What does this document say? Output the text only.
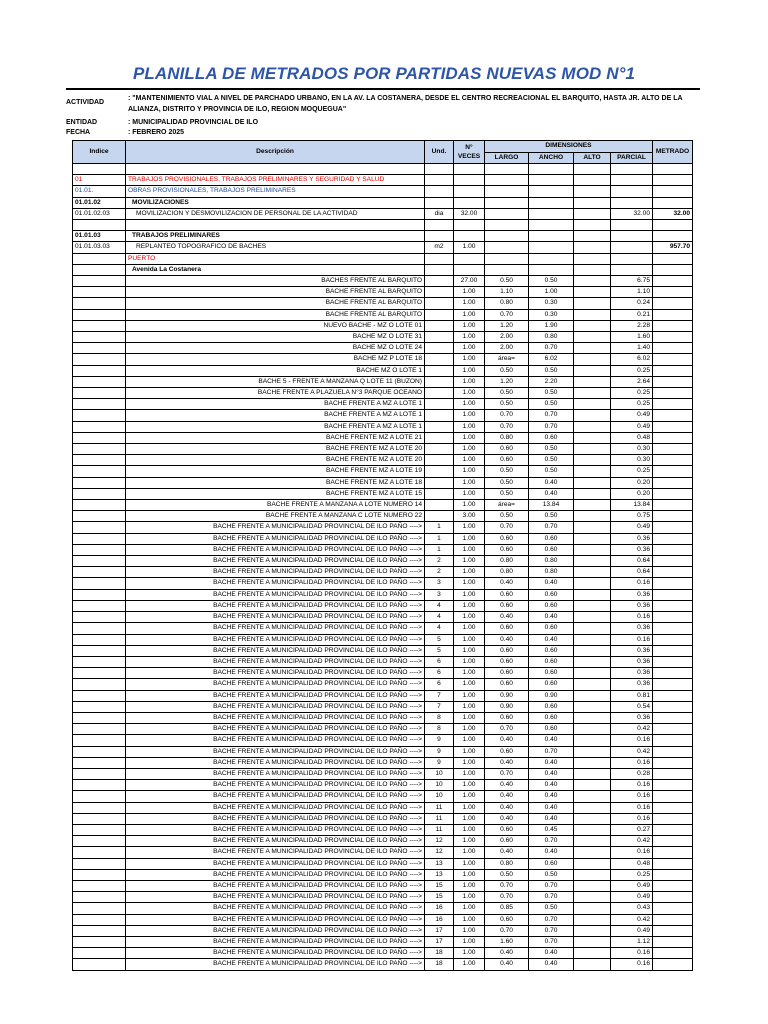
PLANILLA DE METRADOS POR PARTIDAS NUEVAS MOD N°1
ACTIVIDAD
: "MANTENIMIENTO VIAL A NIVEL DE PARCHADO URBANO, EN LA AV. LA COSTANERA, DESDE EL CENTRO RECREACIONAL EL BARQUITO, HASTA JR. ALTO DE LA
ALIANZA, DISTRITO Y PROVINCIA DE ILO, REGION MOQUEGUA"
ENTIDAD	: MUNICIPALIDAD PROVINCIAL DE ILO
FECHA	: FEBRERO 2025
Indice	Descripción	Und.	N° VECES	DIMENSIONES				METRADO
				LARGO	ANCHO	ALTO	PARCIAL	

01	TRABAJOS PROVISIONALES, TRABAJOS PRELIMINARES Y SEGURIDAD Y SALUD							
01.01.	OBRAS PROVISIONALES, TRABAJOS PRELIMINARES							
01.01.02	MOVILIZACIONES							
01.01.02.03	MOVILIZACION Y DESMOVILIZACION DE PERSONAL DE LA ACTIVIDAD	dia	32.00				32.00	32.00

01.01.03	TRABAJOS PRELIMINARES							
01.01.03.03	REPLANTEO TOPOGRAFICO DE BACHES	m2	1.00					957.70
	PUERTO							
	Avenida La Costanera							
	BACHES FRENTE AL BARQUITO		27.00	0.50	0.50		6.75	
	BACHE FRENTE AL BARQUITO		1.00	1.10	1.00		1.10	
	BACHE FRENTE AL BARQUITO		1.00	0.80	0.30		0.24	
	BACHE FRENTE AL BARQUITO		1.00	0.70	0.30		0.21	
	NUEVO BACHE - MZ O LOTE 01		1.00	1.20	1.90		2.28	
	BACHE MZ O LOTE 31		1.00	2.00	0.80		1.60	
	BACHE MZ O LOTE 24		1.00	2.00	0.70		1.40	
	BACHE MZ P LOTE 18		1.00	área=	6.02		6.02	
	BACHE MZ O LOTE 1		1.00	0.50	0.50		0.25	
	BACHE 5 - FRENTE A MANZANA Q LOTE 11 (BUZON)		1.00	1.20	2.20		2.64	
	BACHE FRENTE A PLAZUELA N°3 PARQUE OCEANO		1.00	0.50	0.50		0.25	
	BACHE FRENTE A MZ A LOTE 1		1.00	0.50	0.50		0.25	
	BACHE FRENTE A MZ A LOTE 1		1.00	0.70	0.70		0.49	
	BACHE FRENTE A MZ A LOTE 1		1.00	0.70	0.70		0.49	
	BACHE FRENTE MZ A LOTE 21		1.00	0.80	0.60		0.48	
	BACHE FRENTE MZ A LOTE 20		1.00	0.60	0.50		0.30	
	BACHE FRENTE MZ A LOTE 20		1.00	0.60	0.50		0.30	
	BACHE FRENTE MZ A LOTE 19		1.00	0.50	0.50		0.25	
	BACHE FRENTE MZ A LOTE 18		1.00	0.50	0.40		0.20	
	BACHE FRENTE MZ A LOTE 15		1.00	0.50	0.40		0.20	
	BACHE FRENTE A MANZANA A LOTE NUMERO 14		1.00	área=	13.84		13.84	
	BACHE FRENTE A MANZANA C LOTE NUMERO 22		3.00	0.50	0.50		0.75	
	BACHE FRENTE A MUNICIPALIDAD PROVINCIAL DE ILO PAÑO ---->	1	1.00	0.70	0.70		0.49	
	BACHE FRENTE A MUNICIPALIDAD PROVINCIAL DE ILO PAÑO ---->	1	1.00	0.60	0.60		0.36	
	BACHE FRENTE A MUNICIPALIDAD PROVINCIAL DE ILO PAÑO ---->	1	1.00	0.60	0.60		0.36	
	BACHE FRENTE A MUNICIPALIDAD PROVINCIAL DE ILO PAÑO ---->	2	1.00	0.80	0.80		0.64	
	BACHE FRENTE A MUNICIPALIDAD PROVINCIAL DE ILO PAÑO ---->	2	1.00	0.80	0.80		0.64	
	BACHE FRENTE A MUNICIPALIDAD PROVINCIAL DE ILO PAÑO ---->	3	1.00	0.40	0.40		0.16	
	BACHE FRENTE A MUNICIPALIDAD PROVINCIAL DE ILO PAÑO ---->	3	1.00	0.60	0.60		0.36	
	BACHE FRENTE A MUNICIPALIDAD PROVINCIAL DE ILO PAÑO ---->	4	1.00	0.60	0.60		0.36	
	BACHE FRENTE A MUNICIPALIDAD PROVINCIAL DE ILO PAÑO ---->	4	1.00	0.40	0.40		0.16	
	BACHE FRENTE A MUNICIPALIDAD PROVINCIAL DE ILO PAÑO ---->	4	1.00	0.60	0.60		0.36	
	BACHE FRENTE A MUNICIPALIDAD PROVINCIAL DE ILO PAÑO ---->	5	1.00	0.40	0.40		0.16	
	BACHE FRENTE A MUNICIPALIDAD PROVINCIAL DE ILO PAÑO ---->	5	1.00	0.60	0.60		0.36	
	BACHE FRENTE A MUNICIPALIDAD PROVINCIAL DE ILO PAÑO ---->	6	1.00	0.60	0.60		0.36	
	BACHE FRENTE A MUNICIPALIDAD PROVINCIAL DE ILO PAÑO ---->	6	1.00	0.60	0.60		0.36	
	BACHE FRENTE A MUNICIPALIDAD PROVINCIAL DE ILO PAÑO ---->	6	1.00	0.60	0.60		0.36	
	BACHE FRENTE A MUNICIPALIDAD PROVINCIAL DE ILO PAÑO ---->	7	1.00	0.90	0.90		0.81	
	BACHE FRENTE A MUNICIPALIDAD PROVINCIAL DE ILO PAÑO ---->	7	1.00	0.90	0.60		0.54	
	BACHE FRENTE A MUNICIPALIDAD PROVINCIAL DE ILO PAÑO ---->	8	1.00	0.60	0.60		0.36	
	BACHE FRENTE A MUNICIPALIDAD PROVINCIAL DE ILO PAÑO ---->	8	1.00	0.70	0.60		0.42	
	BACHE FRENTE A MUNICIPALIDAD PROVINCIAL DE ILO PAÑO ---->	9	1.00	0.40	0.40		0.16	
	BACHE FRENTE A MUNICIPALIDAD PROVINCIAL DE ILO PAÑO ---->	9	1.00	0.60	0.70		0.42	
	BACHE FRENTE A MUNICIPALIDAD PROVINCIAL DE ILO PAÑO ---->	9	1.00	0.40	0.40		0.16	
	BACHE FRENTE A MUNICIPALIDAD PROVINCIAL DE ILO PAÑO ---->	10	1.00	0.70	0.40		0.28	
	BACHE FRENTE A MUNICIPALIDAD PROVINCIAL DE ILO PAÑO ---->	10	1.00	0.40	0.40		0.16	
	BACHE FRENTE A MUNICIPALIDAD PROVINCIAL DE ILO PAÑO ---->	10	1.00	0.40	0.40		0.16	
	BACHE FRENTE A MUNICIPALIDAD PROVINCIAL DE ILO PAÑO ---->	11	1.00	0.40	0.40		0.16	
	BACHE FRENTE A MUNICIPALIDAD PROVINCIAL DE ILO PAÑO ---->	11	1.00	0.40	0.40		0.16	
	BACHE FRENTE A MUNICIPALIDAD PROVINCIAL DE ILO PAÑO ---->	11	1.00	0.60	0.45		0.27	
	BACHE FRENTE A MUNICIPALIDAD PROVINCIAL DE ILO PAÑO ---->	12	1.00	0.60	0.70		0.42	
	BACHE FRENTE A MUNICIPALIDAD PROVINCIAL DE ILO PAÑO ---->	12	1.00	0.40	0.40		0.16	
	BACHE FRENTE A MUNICIPALIDAD PROVINCIAL DE ILO PAÑO ---->	13	1.00	0.80	0.60		0.48	
	BACHE FRENTE A MUNICIPALIDAD PROVINCIAL DE ILO PAÑO ---->	13	1.00	0.50	0.50		0.25	
	BACHE FRENTE A MUNICIPALIDAD PROVINCIAL DE ILO PAÑO ---->	15	1.00	0.70	0.70		0.49	
	BACHE FRENTE A MUNICIPALIDAD PROVINCIAL DE ILO PAÑO ---->	15	1.00	0.70	0.70		0.49	
	BACHE FRENTE A MUNICIPALIDAD PROVINCIAL DE ILO PAÑO ---->	16	1.00	0.85	0.50		0.43	
	BACHE FRENTE A MUNICIPALIDAD PROVINCIAL DE ILO PAÑO ---->	16	1.00	0.60	0.70		0.42	
	BACHE FRENTE A MUNICIPALIDAD PROVINCIAL DE ILO PAÑO ---->	17	1.00	0.70	0.70		0.49	
	BACHE FRENTE A MUNICIPALIDAD PROVINCIAL DE ILO PAÑO ---->	17	1.00	1.60	0.70		1.12	
	BACHE FRENTE A MUNICIPALIDAD PROVINCIAL DE ILO PAÑO ---->	18	1.00	0.40	0.40		0.16	
	BACHE FRENTE A MUNICIPALIDAD PROVINCIAL DE ILO PAÑO ---->	18	1.00	0.40	0.40		0.16	
